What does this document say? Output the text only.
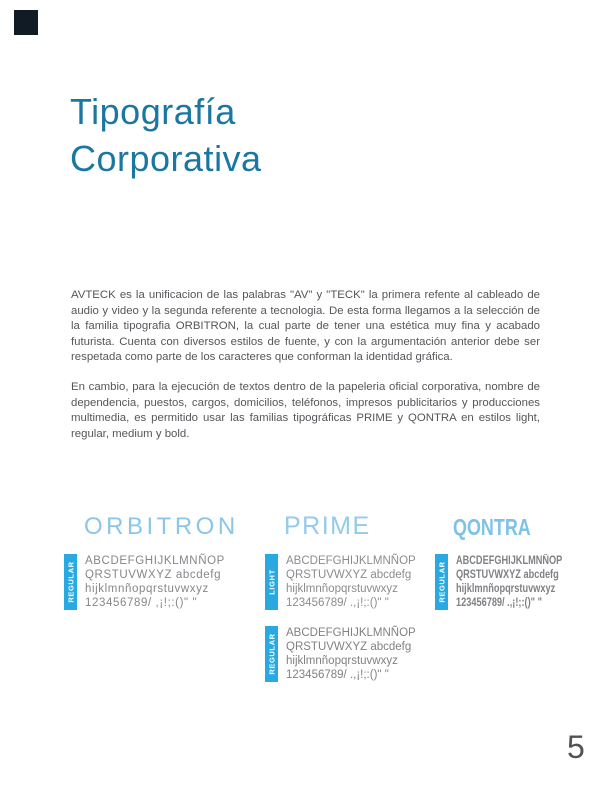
Tipografía
Corporativa

AVTECK es la unificacion de las palabras "AV" y "TECK" la primera refente al cableado de audio y video y la segunda referente a tecnologia. De esta forma llegamos a la selección de la familia tipografia ORBITRON, la cual parte de tener una estética muy fina y acabado futurista. Cuenta con diversos estilos de fuente, y con la argumentación anterior debe ser respetada como parte de los caracteres que conforman la identidad gráfica.

En cambio, para la ejecución de textos dentro de la papeleria oficial corporativa, nombre de dependencia, puestos, cargos, domicilios, teléfonos, impresos publicitarios y producciones multimedia, es permitido usar las familias tipográficas PRIME y QONTRA en estilos light, regular, medium y bold.

ORBITRON PRIME	QONTRA
REGULAR
ABCDEFGHIJKLMNÑOP
QRSTUVWXYZ abcdefg
hijklmnñopqrstuvwxyz
123456789/ ,¡!;:()" "
LIGHT
ABCDEFGHIJKLMNÑOP
QRSTUVWXYZ abcdefg
hijklmnñopqrstuvwxyz
123456789/ .,¡!;:()" "
REGULAR
ABCDEFGHIJKLMNÑOP
QRSTUVWXYZ abcdefg
hijklmnñopqrstuvwxyz
123456789/ .,¡!;:()" "
REGULAR
ABCDEFGHIJKLMNÑOP
QRSTUVWXYZ abcdefg
hijklmnñopqrstuvwxyz
123456789/ .,¡!;:()" "
5
